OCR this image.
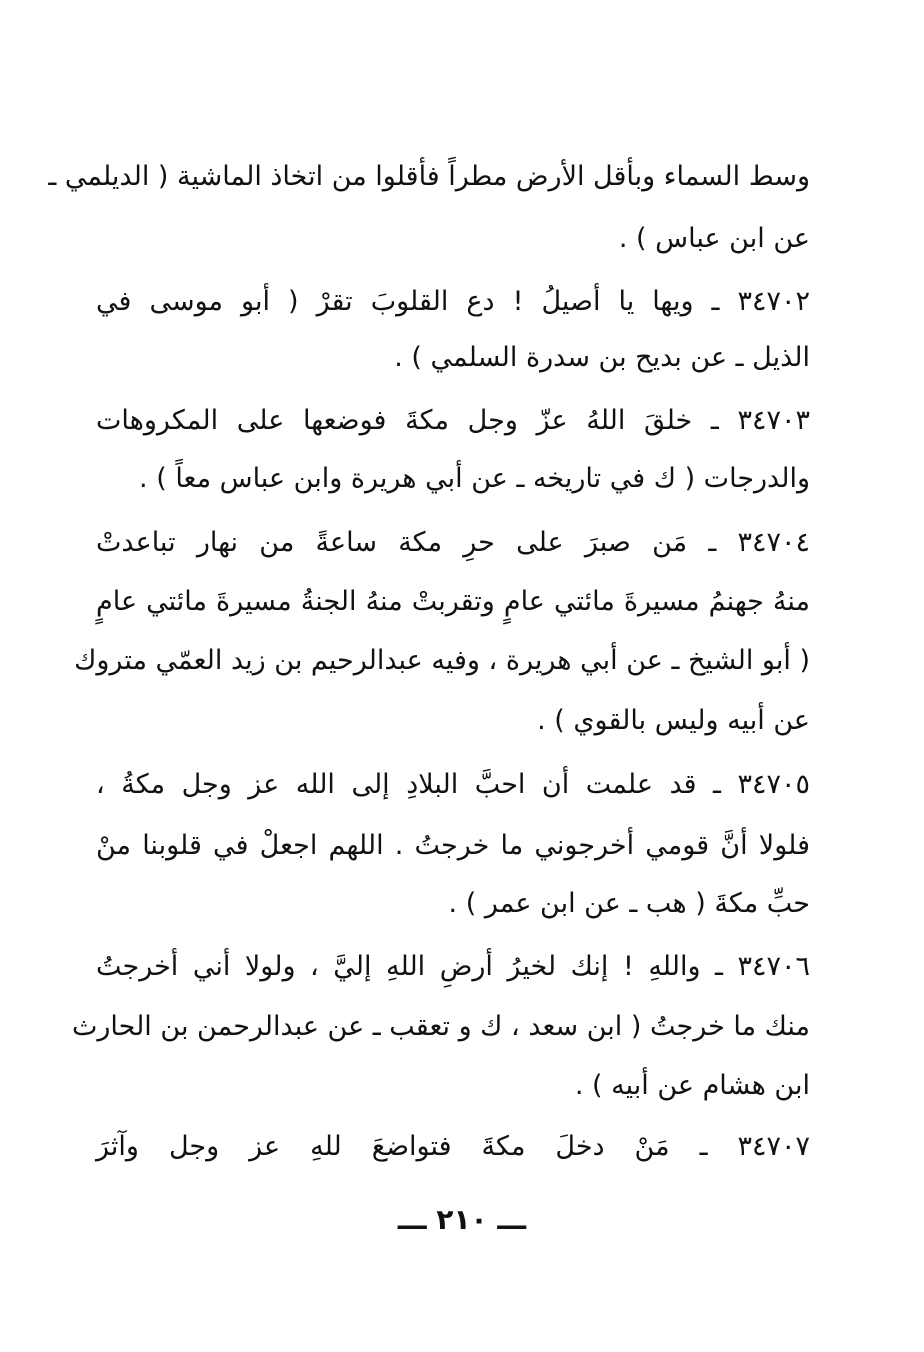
وسط السماء وبأقل الأرض مطراً فأقلوا من اتخاذ الماشية ( الديلمي ـ
عن ابن عباس ) .
٣٤٧٠٢ ـ ويها يا أصيلُ ! دع القلوبَ تقرْ ( أبو موسى في
الذيل ـ عن بديح بن سدرة السلمي ) .
٣٤٧٠٣ ـ خلقَ اللهُ عزّ وجل مكةَ فوضعها على المكروهات
والدرجات ( ك في تاريخه ـ عن أبي هريرة وابن عباس معاً ) .
٣٤٧٠٤ ـ مَن صبرَ على حرِ مكة ساعةً من نهار تباعدتْ
منهُ جهنمُ مسيرةَ مائتي عامٍ وتقربتْ منهُ الجنةُ مسيرةَ مائتي عامٍ
( أبو الشيخ ـ عن أبي هريرة ، وفيه عبدالرحيم بن زيد العمّي متروك
عن أبيه وليس بالقوي ) .
٣٤٧٠٥ ـ قد علمت أن احبَّ البلادِ إلى الله عز وجل مكةُ ،
فلولا أنَّ قومي أخرجوني ما خرجتُ . اللهم اجعلْ في قلوبنا منْ
حبِّ مكةَ ( هب ـ عن ابن عمر ) .
٣٤٧٠٦ ـ واللهِ ! إنك لخيرُ أرضِ اللهِ إليَّ ، ولولا أني أخرجتُ
منك ما خرجتُ ( ابن سعد ، ك و تعقب ـ عن عبدالرحمن بن الحارث
ابن هشام عن أبيه ) .
٣٤٧٠٧ ـ مَنْ دخلَ مكةَ فتواضعَ للهِ عز وجل وآثرَ
ـــ ٢١٠ ـــ
